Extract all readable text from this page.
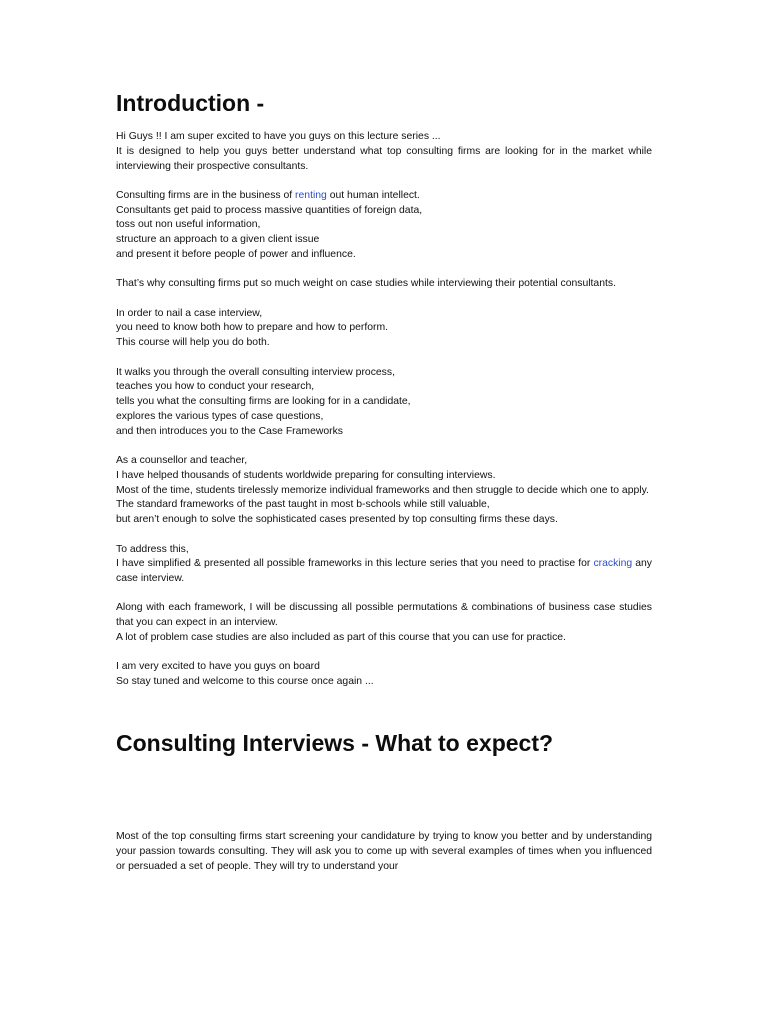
Introduction -

Hi Guys !! I am super excited to have you guys on this lecture series ...
It is designed to help you guys better understand what top consulting firms are looking for in the market while interviewing their prospective consultants.

Consulting firms are in the business of renting out human intellect.
Consultants get paid to process massive quantities of foreign data,
toss out non useful information,
structure an approach to a given client issue
and present it before people of power and influence.

That’s why consulting firms put so much weight on case studies while interviewing their potential consultants.

In order to nail a case interview,
you need to know both how to prepare and how to perform.
This course will help you do both.

It walks you through the overall consulting interview process,
teaches you how to conduct your research,
tells you what the consulting firms are looking for in a candidate,
explores the various types of case questions,
and then introduces you to the Case Frameworks

As a counsellor and teacher,
I have helped thousands of students worldwide preparing for consulting interviews.
Most of the time, students tirelessly memorize individual frameworks and then struggle to decide which one to apply.
The standard frameworks of the past taught in most b-schools while still valuable,
but aren’t enough to solve the sophisticated cases presented by top consulting firms these days.

To address this,
I have simplified & presented all possible frameworks in this lecture series that you need to practise for cracking any case interview.

Along with each framework, I will be discussing all possible permutations & combinations of business case studies that you can expect in an interview.
A lot of problem case studies are also included as part of this course that you can use for practice.

I am very excited to have you guys on board
So stay tuned and welcome to this course once again ...

Consulting Interviews - What to expect?

Most of the top consulting firms start screening your candidature by trying to know you better and by understanding your passion towards consulting. They will ask you to come up with several examples of times when you influenced or persuaded a set of people. They will try to understand your
